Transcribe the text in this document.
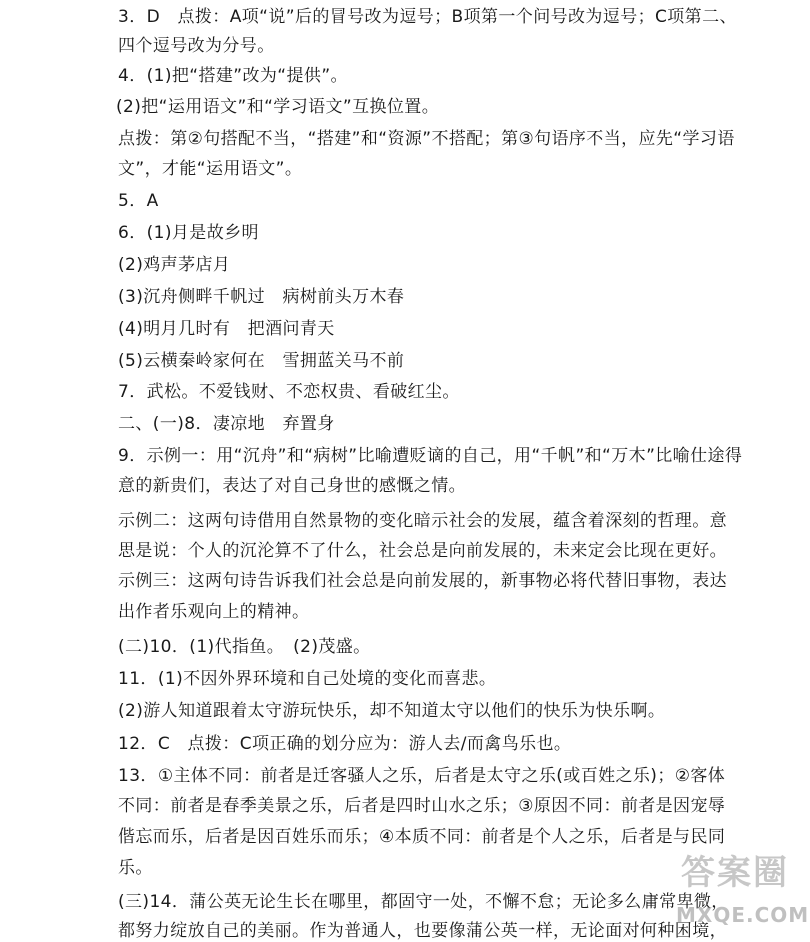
3．D　点拨：A项“说”后的冒号改为逗号；B项第一个问号改为逗号；C项第二、
四个逗号改为分号。
4．(1)把“搭建”改为“提供”。
(2)把“运用语文”和“学习语文”互换位置。
点拨：第②句搭配不当，“搭建”和“资源”不搭配；第③句语序不当，应先“学习语
文”，才能“运用语文”。
5．A
6．(1)月是故乡明
(2)鸡声茅店月
(3)沉舟侧畔千帆过　病树前头万木春
(4)明月几时有　把酒问青天
(5)云横秦岭家何在　雪拥蓝关马不前
7．武松。不爱钱财、不恋权贵、看破红尘。
二、(一)8．凄凉地　弃置身
9．示例一：用“沉舟”和“病树”比喻遭贬谪的自己，用“千帆”和“万木”比喻仕途得
意的新贵们，表达了对自己身世的感慨之情。
示例二：这两句诗借用自然景物的变化暗示社会的发展，蕴含着深刻的哲理。意
思是说：个人的沉沦算不了什么，社会总是向前发展的，未来定会比现在更好。
示例三：这两句诗告诉我们社会总是向前发展的，新事物必将代替旧事物，表达
出作者乐观向上的精神。
(二)10．(1)代指鱼。　(2)茂盛。
11．(1)不因外界环境和自己处境的变化而喜悲。
(2)游人知道跟着太守游玩快乐，却不知道太守以他们的快乐为快乐啊。
12．C　点拨：C项正确的划分应为：游人去/而禽鸟乐也。
13．①主体不同：前者是迁客骚人之乐，后者是太守之乐(或百姓之乐)；②客体
不同：前者是春季美景之乐，后者是四时山水之乐；③原因不同：前者是因宠辱
偕忘而乐，后者是因百姓乐而乐；④本质不同：前者是个人之乐，后者是与民同
乐。
(三)14．蒲公英无论生长在哪里，都固守一处，不懈不怠；无论多么庸常卑微，
都努力绽放自己的美丽。作为普通人，也要像蒲公英一样，无论面对何种困境，
答案圈
MXQE.COM
